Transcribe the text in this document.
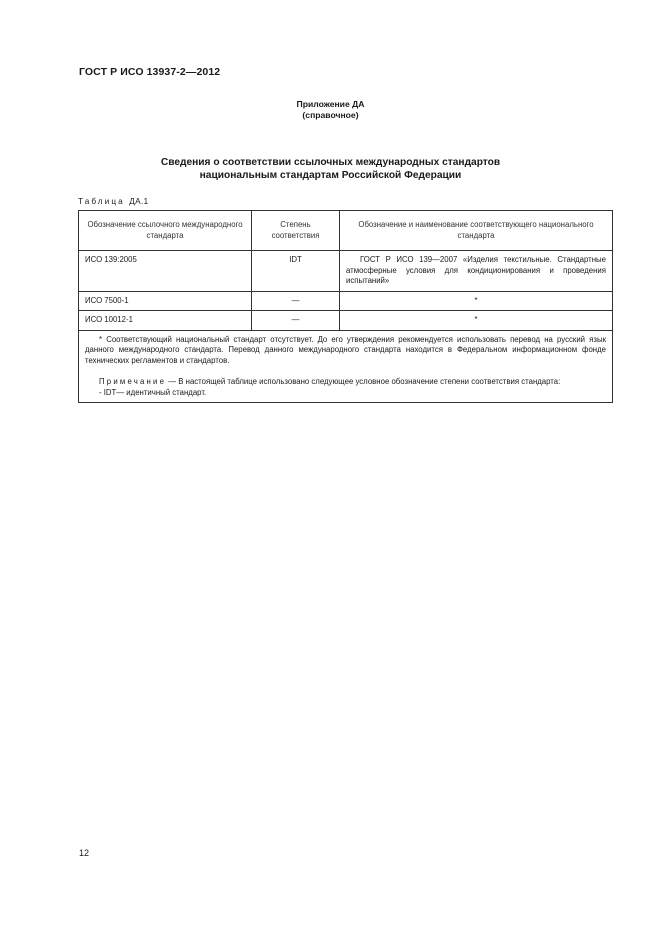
ГОСТ Р ИСО 13937-2—2012
Приложение ДА
(справочное)
Сведения о соответствии ссылочных международных стандартов
национальным стандартам Российской Федерации
Таблица ДА.1
Обозначение ссылочного международного стандарта	Степень соответствия	Обозначение и наименование соответствующего национального стандарта
ИСО 139:2005	IDT	ГОСТ Р ИСО 139—2007 «Изделия текстильные. Стандартные атмосферные условия для кондиционирования и проведения испытаний»
ИСО 7500-1	—	*
ИСО 10012-1	—	*

* Соответствующий национальный стандарт отсутствует. До его утверждения рекомендуется использовать перевод на русский язык данного международного стандарта. Перевод данного международного стандарта находится в Федеральном информационном фонде технических регламентов и стандартов.

Примечание — В настоящей таблице использовано следующее условное обозначение степени соответствия стандарта:

- IDT— идентичный стандарт.		

12
